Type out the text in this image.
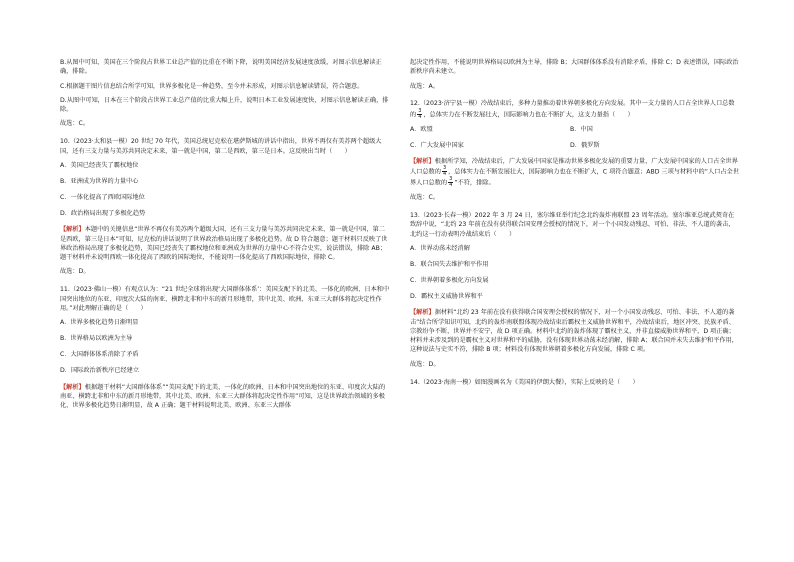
B.从图中可知，美国在三个阶段占世界工业总产值的比重在不断下降，说明美国经济发展速度放缓，对图示信息解读正确，排除。

C.根据题干图片信息结合所学可知，世界多极化是一种趋势，至今并未形成，对图示信息解读错误，符合题意。

D.从图中可知，日本在三个阶段占世界工业总产值的比重大幅上升，说明日本工业发展速度快，对图示信息解读正确，排除。

故选：C。

10.（2023·太和县一模）20 世纪 70 年代，美国总统尼克松在堪萨斯城的讲话中指出，世界不再仅有美苏两个超级大国，还有三支力量与美苏共同决定未来，第一就是中国，第二是西欧，第三是日本。这反映出当时（　　）

A．美国已经丧失了霸权地位

B．亚洲成为世界的力量中心

C．一体化提高了西欧国际地位

D．政治格局出现了多极化趋势

【解析】本题中的关键信息“世界不再仅有美苏两个超级大国，还有三支力量与美苏共同决定未来，第一就是中国，第二是西欧，第三是日本”可知，尼克松的讲话说明了世界政治格局出现了多极化趋势。故 D 符合题意；题干材料只反映了世界政治格局出现了多极化趋势，美国已经丧失了霸权地位和亚洲成为世界的力量中心不符合史实，说法错误，排除 AB；题干材料并未说明西欧一体化提高了西欧的国际地位，不能说明一体化提高了西欧国际地位，排除 C。

故选：D。

11.（2023·佛山一模）有观点认为：“21 世纪全球将出现‘大国群体体系’：美国支配下的北美、一体化的欧洲、日本和中国突出地位的东亚、印度次大陆的南亚、横跨北非和中东的新月形地带，其中北美、欧洲、东亚三大群体将起决定性作用。”对此理解正确的是（　　）

A．世界多极化趋势日渐明显

B．世界格局以欧洲为主导

C．大国群体体系消除了矛盾

D．国际政治新秩序已经建立

【解析】根据题干材料“大国群体体系”“美国支配下的北美、一体化的欧洲、日本和中国突出地位的东亚、印度次大陆的南亚、横跨北非和中东的新月形地带，其中北美、欧洲、东亚三大群体将起决定性作用”可知，这是世界政治领域的多极化，世界多极化趋势日渐明显，故 A 正确；题干材料说明北美、欧洲、东亚三大群体

起决定性作用，不能说明世界格局以欧洲为主导，排除 B；大国群体体系没有消除矛盾，排除 C；D 表述错误，国际政治新秩序尚未建立。

故选：A。

12.（2023·济宁县一模）冷战结束后，多种力量推动着世界朝多极化方向发展。其中一支力量的人口占全世界人口总数的 $\frac{3}{4}$ ，总体实力在不断发展壮大，国际影响力也在不断扩大，这支力量指（　　）

A．欧盟	B．中国
C．广大发展中国家	D．俄罗斯

【解析】根据所学知，冷战结束后，广大发展中国家是推动世界多极化发展的重要力量，广大发展中国家的人口占全世界人口总数的 $\frac{3}{4}$ ，总体实力在不断发展壮大，国际影响力也在不断扩大，C 项符合题意；ABD 三项与材料中的“人口占全世界人口总数的 $\frac{3}{4}$ ”不符，排除。

故选：C。

13.（2023·长春一模）2022 年 3 月 24 日，塞尔维亚举行纪念北约轰炸南联盟 23 周年活动。塞尔维亚总统武契奇在致辞中说，“北约 23 年前在没有获得联合国安理会授权的情况下，对一个小国发动残忍、可怕、非法、不人道的袭击，北约这一行动表明冷战结束后（　　）

A．世界动荡未经消解

B．联合国失去维护和平作用

C．世界朝着多极化方向发展

D．霸权主义威胁世界和平

【解析】据材料“北约 23 年前在没有获得联合国安理会授权的情况下，对一个小国发动残忍、可怕、非法、不人道的袭击”结合所学知识可知，北约的轰炸南联盟体现冷战结束后霸权主义威胁世界和平，冷战结束后，地区冲突、民族矛盾、宗教纷争不断，世界并不安宁，故 D 项正确。材料中北约的轰炸体现了霸权主义，并非直接威胁世界和平，D 项正确；材料并未涉及到的是霸权主义对世界和平的威胁，没有体现世界动荡未经消解，排除 A；联合国并未失去维护和平作用，这种说法与史实不符，排除 B 项；材料没有体现世界朝着多极化方向发展，排除 C 项。

故选：D。

14.（2023·海南一模）如图漫画名为《美国的伊朗大餐》，实际上反映的是（　　）
